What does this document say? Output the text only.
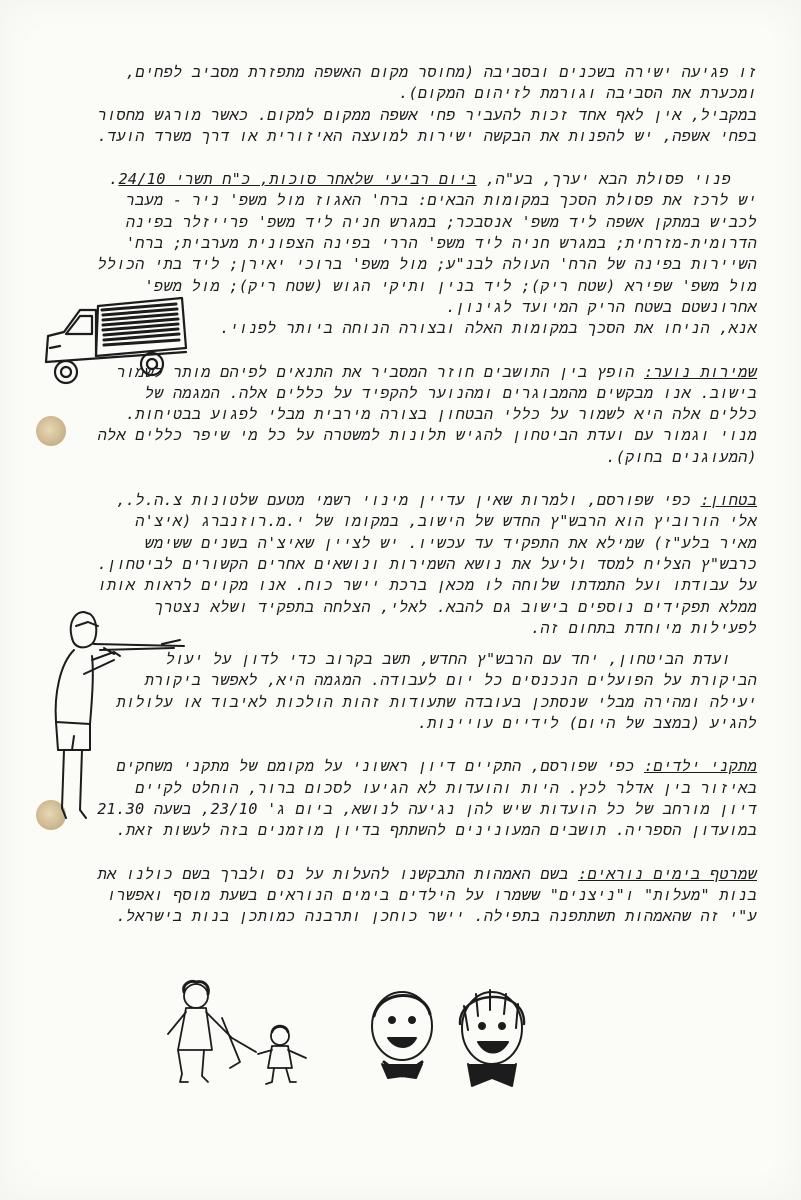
זו פגיעה ישירה בשכנים ובסביבה (מחוסר מקום האשפה מתפזרת מסביב לפחים, ומכערת את הסביבה וגורמת לזיהום המקום).
במקביל, אין לאף אחד זכות להעביר פחי אשפה ממקום למקום. כאשר מורגש מחסור בפחי אשפה, יש להפנות את הבקשה ישירות למועצה האיזורית או דרך משרד הועד.

פנוי פסולת הבא יערך, בע"ה, ביום רביעי שלאחר סוכות, כ"ח תשרי 24/10. יש לרכז את פסולת הסכך במקומות הבאים: ברח' האגוז מול משפ' ניר - מעבר לכביש במתקן אשפה ליד משפ' אנסבכר; במגרש חניה ליד משפ' פרייזלר בפינה הדרומית-מזרחית; במגרש חניה ליד משפ' הררי בפינה הצפונית מערבית; ברח' השיירות בפינה של הרח' העולה לבנ"ע; מול משפ' ברוכי יאירן; ליד בתי הכולל מול משפ' שפירא (שטח ריק); ליד בנין ותיקי הגוש (שטח ריק); מול משפ' אחרונשטם בשטח הריק המיועד לגינון.
אנא, הניחו את הסכך במקומות האלה ובצורה הנוחה ביותר לפנוי.

שמירות נוער: הופץ בין התושבים חוזר המסביר את התנאים לפיהם מותר לשמור בישוב. אנו מבקשים מהמבוגרים ומהנוער להקפיד על כללים אלה. המגמה של כללים אלה היא לשמור על כללי הבטחון בצורה מירבית מבלי לפגוע בבטיחות. מנוי וגמור עם ועדת הביטחון להגיש תלונות למשטרה על כל מי שיפר כללים אלה (המעוגנים בחוק).

בטחון: כפי שפורסם, ולמרות שאין עדיין מינוי רשמי מטעם שלטונות צ.ה.ל., אלי הורוביץ הוא הרבש"ץ החדש של הישוב, במקומו של י.מ.רוזנברג (איצ'ה מאיר בלע"ז) שמילא את התפקיד עד עכשיו. יש לציין שאיצ'ה בשנים ששימש כרבש"ץ הצליח למסד וליעל את נושא השמירות ונושאים אחרים הקשורים לביטחון. על עבודתו ועל התמדתו שלוחה לו מכאן ברכת יישר כוח. אנו מקוים לראות אותו ממלא תפקידים נוספים בישוב גם להבא. לאלי, הצלחה בתפקיד ושלא נצטרך לפעילות מיוחדת בתחום זה.

ועדת הביטחון, יחד עם הרבש"ץ החדש, תשב בקרוב כדי לדון על יעול הביקורת על הפועלים הנכנסים כל יום לעבודה. המגמה היא, לאפשר ביקורת יעילה ומהירה מבלי שנסתכן בעובדה שתעודות זהות הולכות לאיבוד או עלולות להגיע (במצב של היום) לידיים עויינות.

מתקני ילדים: כפי שפורסם, התקיים דיון ראשוני על מקומם של מתקני משחקים באיזור בין אדלר לכץ. היות והועדות לא הגיעו לסכום ברור, הוחלט לקיים דיון מורחב של כל הועדות שיש להן נגיעה לנושא, ביום ג' 23/10, בשעה 21.30 במועדון הספריה. תושבים המעונינים להשתתף בדיון מוזמנים בזה לעשות זאת.

שמרטף בימים נוראים: בשם האמהות התבקשנו להעלות על נס ולברך בשם כולנו את בנות "מעלות" ו"ניצנים" ששמרו על הילדים בימים הנוראים בשעת מוסף ואפשרו ע"י זה שהאמהות תשתתפנה בתפילה. יישר כוחכן ותרבנה כמותכן בנות בישראל.
